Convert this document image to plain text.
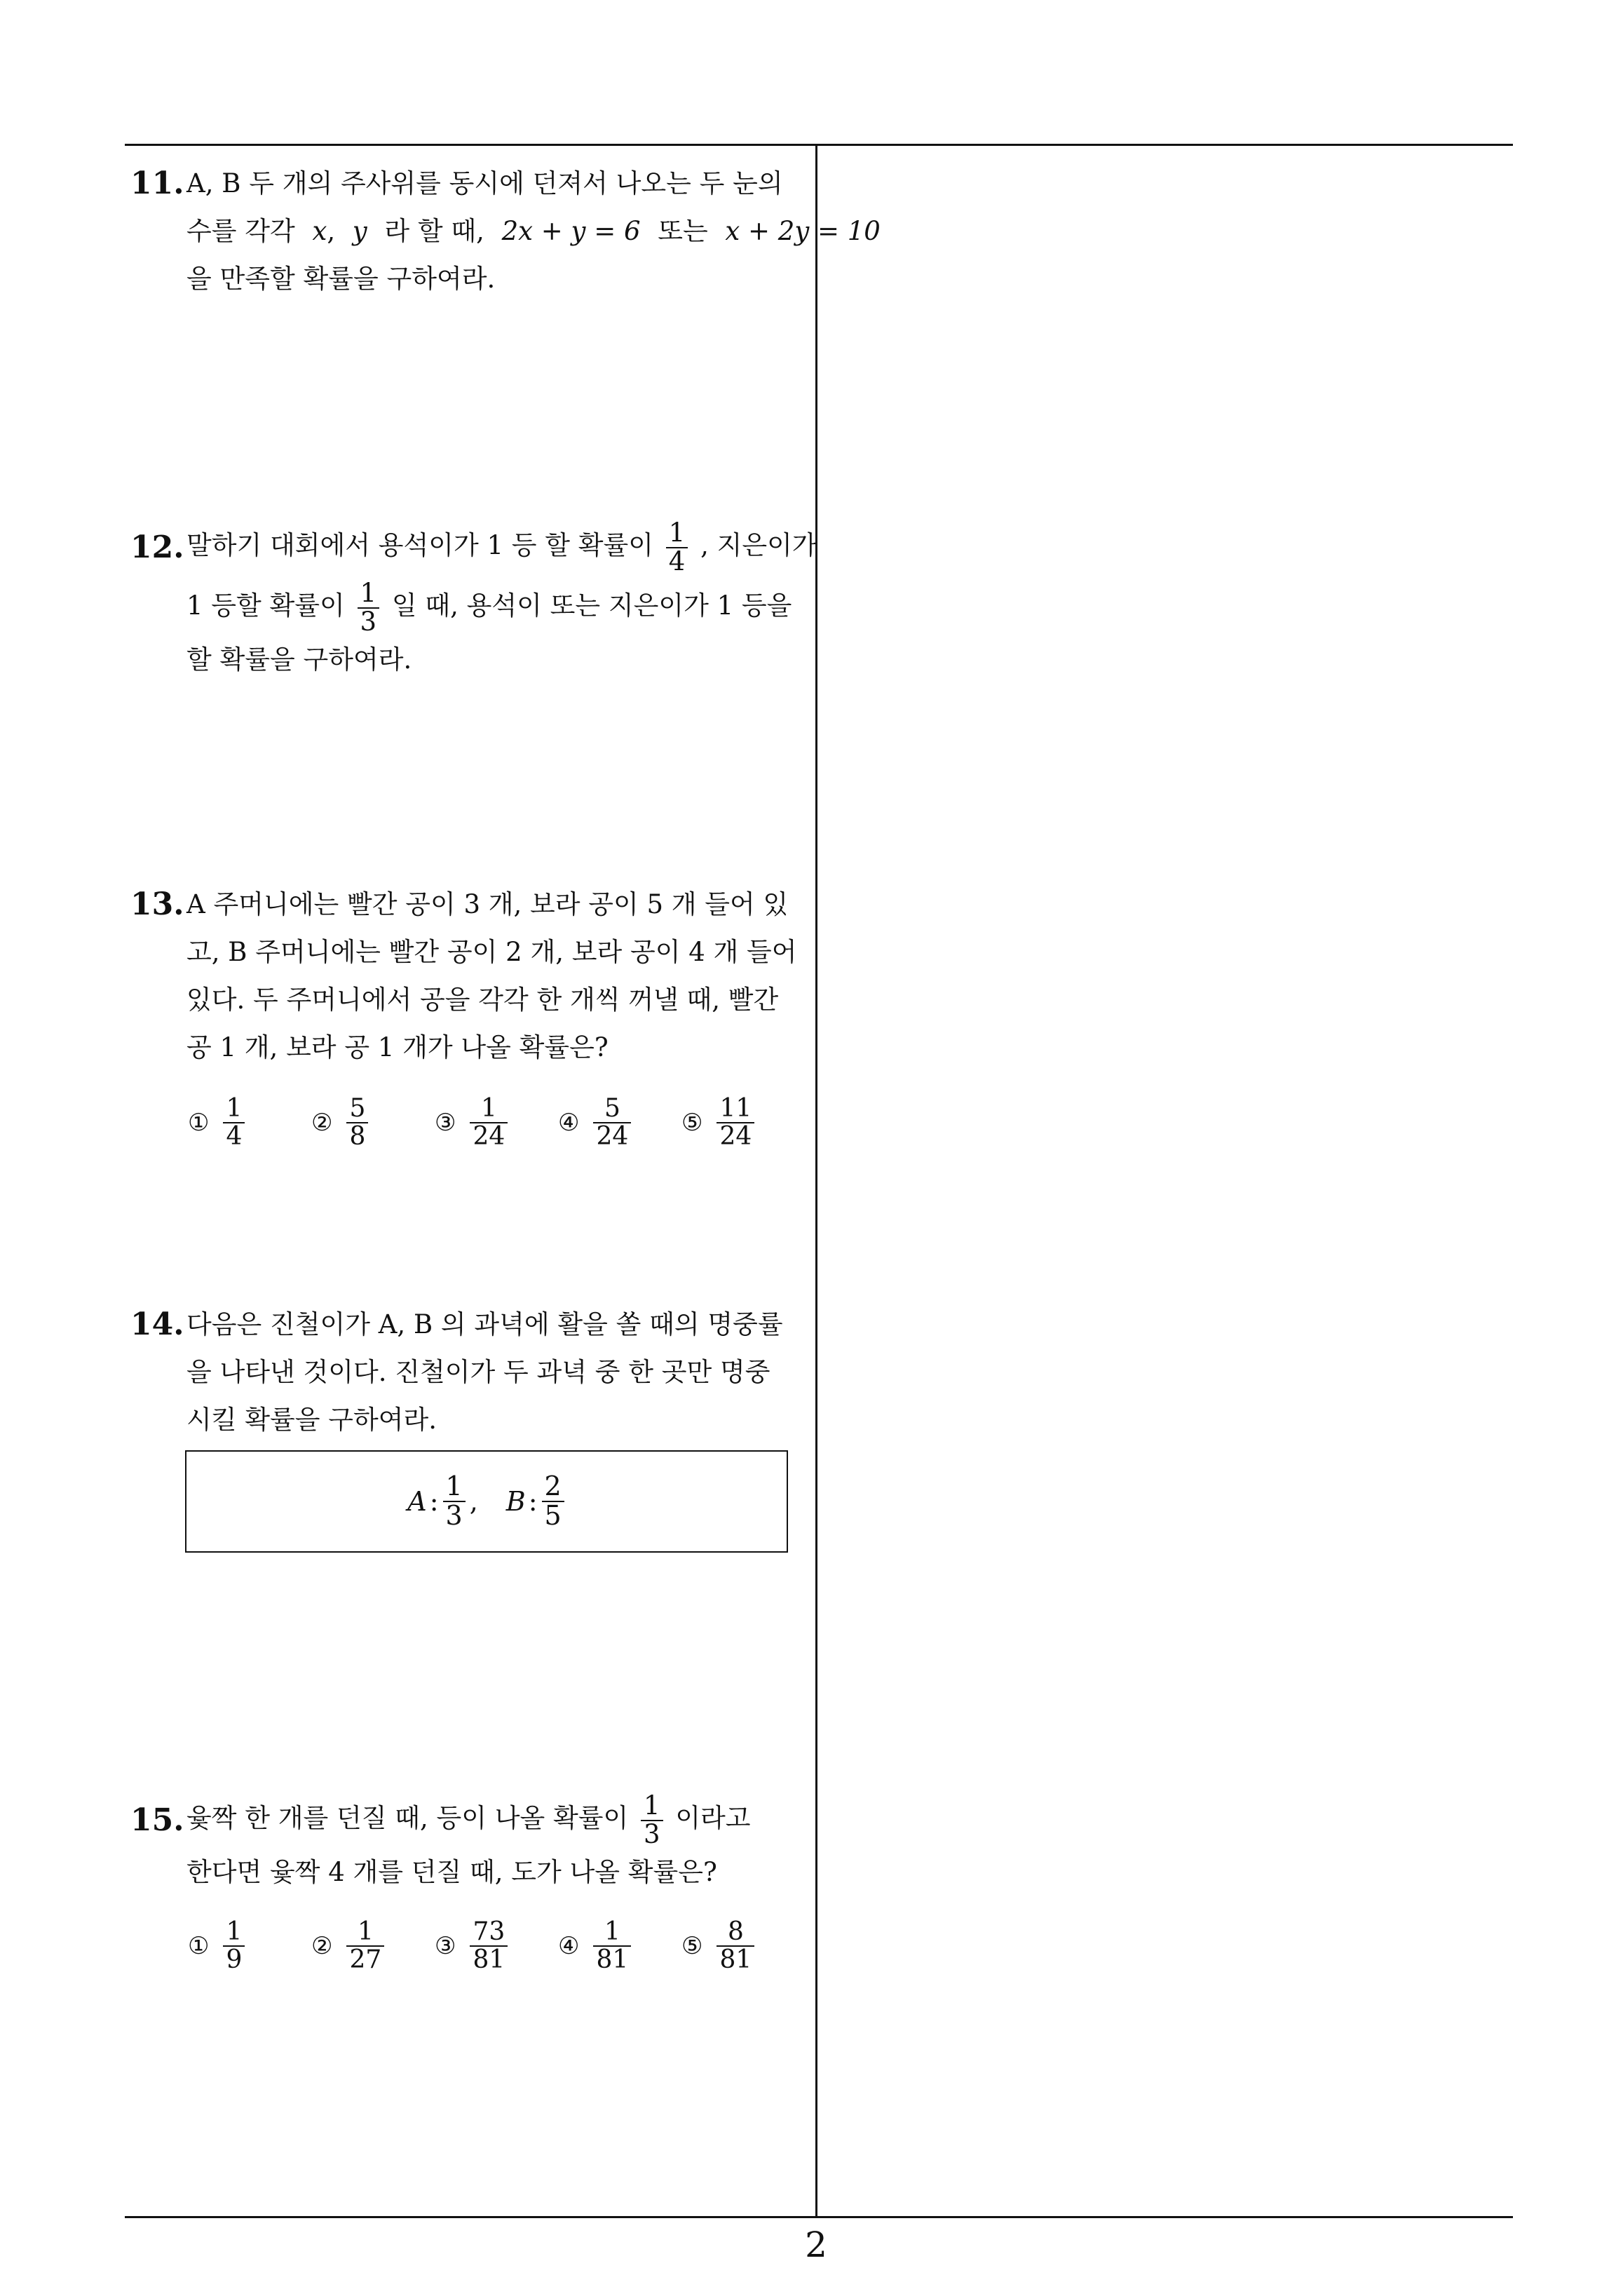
11. A, B 두 개의 주사위를 동시에 던져서 나오는 두 눈의
수를 각각 x, y 라 할 때, 2x + y = 6 또는 x + 2y = 10
을 만족할 확률을 구하여라.
12. 말하기 대회에서 용석이가 1 등 할 확률이 $\frac{1}{4}$ , 지은이가
1 등할 확률이 $\frac{1}{3}$ 일 때, 용석이 또는 지은이가 1 등을
할 확률을 구하여라.
13. A 주머니에는 빨간 공이 3 개, 보라 공이 5 개 들어 있
고, B 주머니에는 빨간 공이 2 개, 보라 공이 4 개 들어
있다. 두 주머니에서 공을 각각 한 개씩 꺼낼 때, 빨간
공 1 개, 보라 공 1 개가 나올 확률은?
① $\frac{1}{4}$	② $\frac{5}{8}$	③ $\frac{1}{24}$ ④ $\frac{5}{24}$ ⑤ $\frac{11}{24}$
14. 다음은 진철이가 A, B 의 과녁에 활을 쏠 때의 명중률
을 나타낸 것이다. 진철이가 두 과녁 중 한 곳만 명중
시킬 확률을 구하여라.
A : $\frac{1}{3}$ , B : $\frac{2}{5}$
15. 윷짝 한 개를 던질 때, 등이 나올 확률이 $\frac{1}{3}$ 이라고
한다면 윷짝 4 개를 던질 때, 도가 나올 확률은?
① $\frac{1}{9}$	② $\frac{1}{27}$ ③ $\frac{73}{81}$ ④ $\frac{1}{81}$ ⑤ $\frac{8}{81}$
2
